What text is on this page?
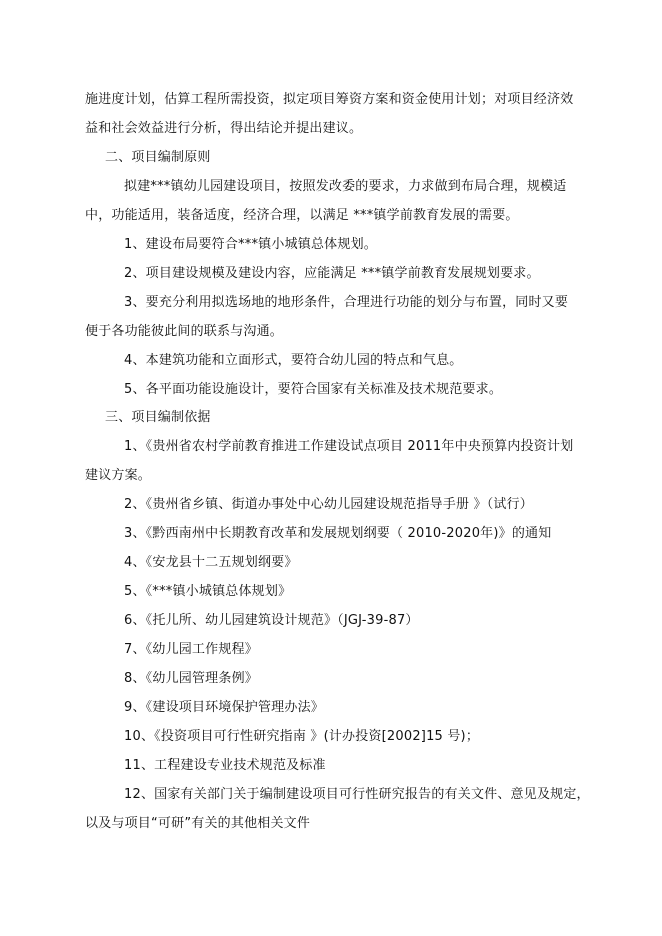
施进度计划，估算工程所需投资，拟定项目筹资方案和资金使用计划；对项目经济效
益和社会效益进行分析，得出结论并提出建议。
二、项目编制原则
拟建***镇幼儿园建设项目，按照发改委的要求，力求做到布局合理，规模适
中，功能适用，装备适度，经济合理，以满足 ***镇学前教育发展的需要。
1、建设布局要符合***镇小城镇总体规划。
2、项目建设规模及建设内容，应能满足 ***镇学前教育发展规划要求。
3、要充分利用拟选场地的地形条件，合理进行功能的划分与布置，同时又要
便于各功能彼此间的联系与沟通。
4、本建筑功能和立面形式，要符合幼儿园的特点和气息。
5、各平面功能设施设计，要符合国家有关标准及技术规范要求。
三、项目编制依据
1、《贵州省农村学前教育推进工作建设试点项目 2011年中央预算内投资计划
建议方案。
2、《贵州省乡镇、街道办事处中心幼儿园建设规范指导手册 》（试行）
3、《黔西南州中长期教育改革和发展规划纲要（ 2010-2020年)》的通知
4、《安龙县十二五规划纲要》
5、《***镇小城镇总体规划》
6、《托儿所、幼儿园建筑设计规范》（JGJ-39-87）
7、《幼儿园工作规程》
8、《幼儿园管理条例》
9、《建设项目环境保护管理办法》
10、《投资项目可行性研究指南 》(计办投资[2002]15 号)；
11、工程建设专业技术规范及标准
12、国家有关部门关于编制建设项目可行性研究报告的有关文件、意见及规定，
以及与项目“可研”有关的其他相关文件
